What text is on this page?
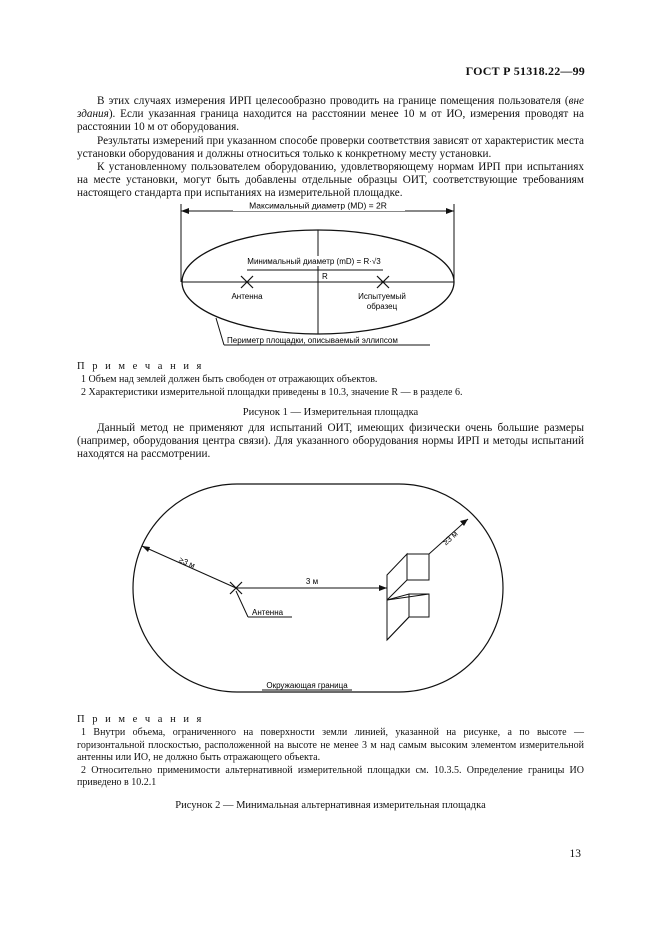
ГОСТ Р 51318.22—99

В этих случаях измерения ИРП целесообразно проводить на границе помещения пользователя (вне здания). Если указанная граница находится на расстоянии менее 10 м от ИО, измерения проводят на расстоянии 10 м от оборудования.

Результаты измерений при указанном способе проверки соответствия зависят от характеристик места установки оборудования и должны относиться только к конкретному месту установки.

К установленному пользователем оборудованию, удовлетворяющему нормам ИРП при испытаниях на месте установки, могут быть добавлены отдельные образцы ОИТ, соответствующие требованиям настоящего стандарта при испытаниях на измерительной площадке.

Максимальный диаметр (MD) = 2R
Минимальный диаметр (mD) = R·√3
R
Антенна	Испытуемый
образец
Периметр площадки, описываемый эллипсом
П р и м е ч а н и я

1 Объем над землей должен быть свободен от отражающих объектов.

2 Характеристики измерительной площадки приведены в 10.3, значение R — в разделе 6.

Рисунок 1 — Измерительная площадка

Данный метод не применяют для испытаний ОИТ, имеющих физически очень большие размеры (например, оборудования центра связи). Для указанного оборудования нормы ИРП и методы испытаний находятся на рассмотрении.

≥3 м
Антенна
3 м
≥3 м
Окружающая граница
П р и м е ч а н и я

1 Внутри объема, ограниченного на поверхности земли линией, указанной на рисунке, а по высоте — горизонтальной плоскостью, расположенной на высоте не менее 3 м над самым высоким элементом измерительной антенны или ИО, не должно быть отражающего объекта.

2 Относительно применимости альтернативной измерительной площадки см. 10.3.5. Определение границы ИО приведено в 10.2.1

Рисунок 2 — Минимальная альтернативная измерительная площадка
13
